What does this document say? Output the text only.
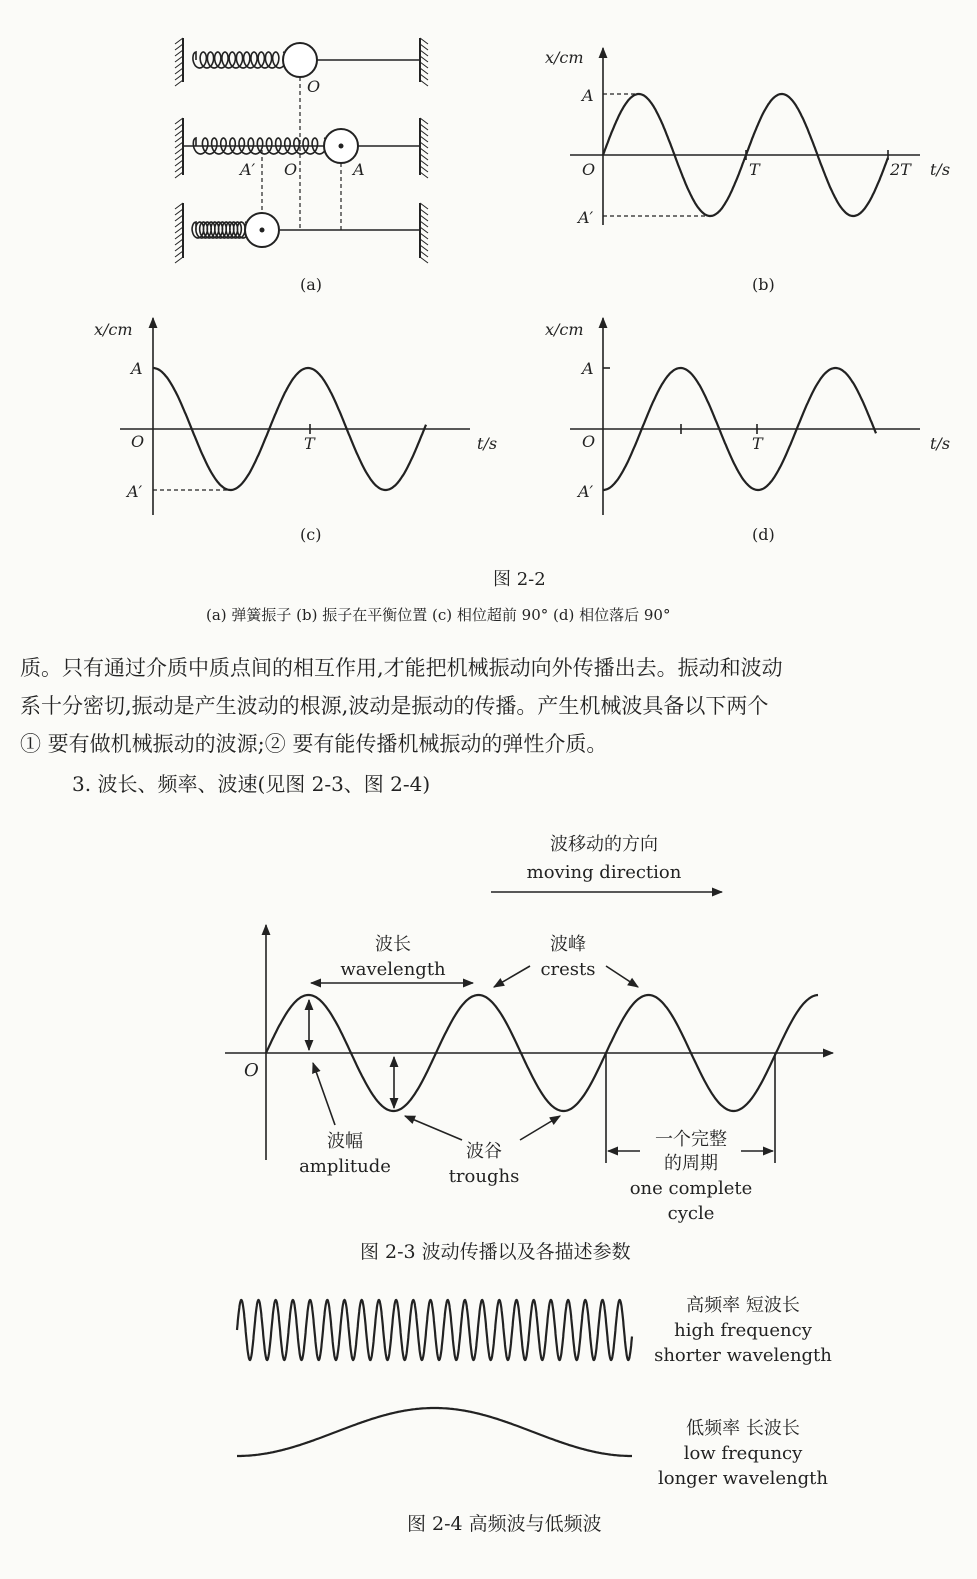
O
A′ O	A
(a)
x/cm
A
O
A′
T	2T t/s
(b)
x/cm
A
O
A′
T	t/s
(c)
x/cm
A
O
A′
T	t/s
(d)
图 2-2
(a) 弹簧振子 (b) 振子在平衡位置 (c) 相位超前 90° (d) 相位落后 90°
波移动的方向
moving direction
波长
wavelength
波峰
crests
O
波幅
amplitude
波谷
troughs
一个完整
的周期
one complete
cycle
图 2-3 波动传播以及各描述参数
高频率 短波长
high frequency
shorter wavelength
低频率 长波长
low frequncy
longer wavelength
图 2-4 高频波与低频波
质。只有通过介质中质点间的相互作用,才能把机械振动向外传播出去。振动和波动
系十分密切,振动是产生波动的根源,波动是振动的传播。产生机械波具备以下两个
① 要有做机械振动的波源;② 要有能传播机械振动的弹性介质。
3. 波长、频率、波速(见图 2-3、图 2-4)
